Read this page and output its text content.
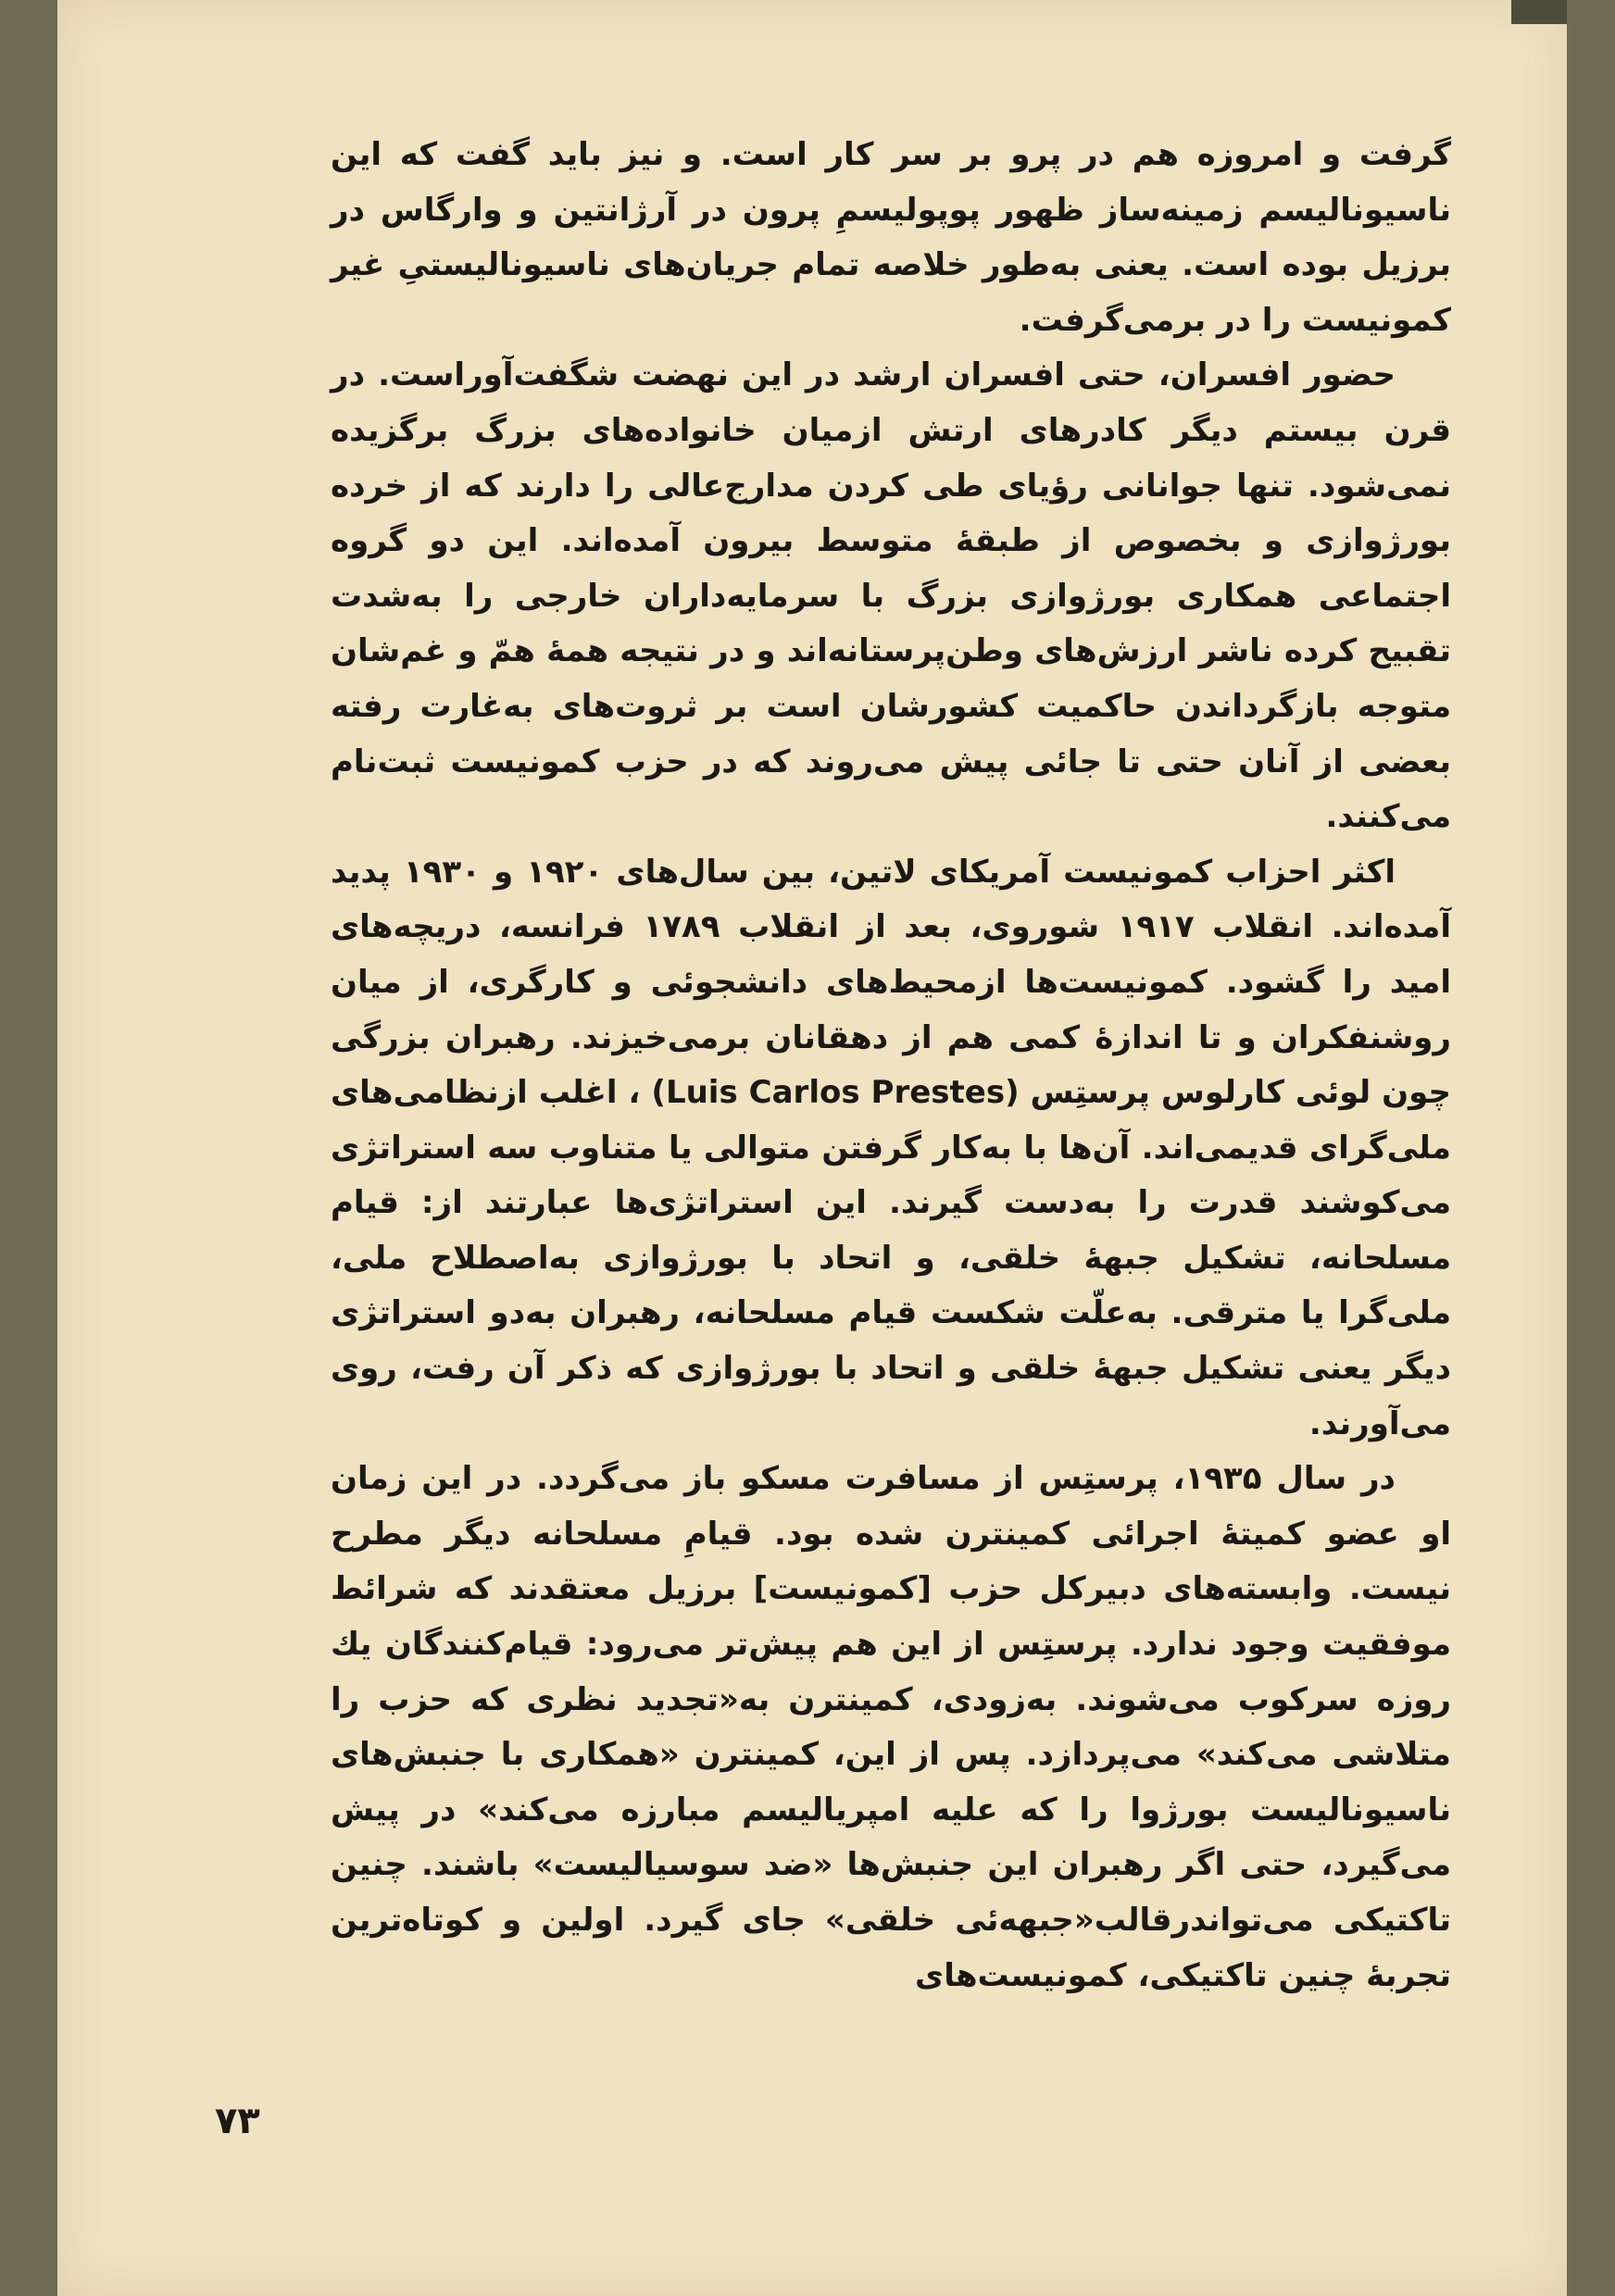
گرفت و امروزه هم در پرو بر سر کار است. و نیز باید گفت که این ناسیونالیسم زمینه‌ساز ظهور پوپولیسمِ پرون در آرژانتین و وارگاس در برزیل بوده است. یعنی به‌طور خلاصه تمام جریان‌های ناسیونالیستیِ غیر کمونیست را در برمی‌گرفت.

حضور افسران، حتی افسران ارشد در این نهضت شگفت‌آوراست. در قرن بیستم دیگر کادرهای ارتش ازمیان خانواده‌های بزرگ برگزیده نمی‌شود. تنها جوانانی رؤیای طی کردن مدارج‌عالی را دارند که از خرده بورژوازی و بخصوص از طبقهٔ متوسط بیرون آمده‌اند. این دو گروه اجتماعی همکاری بورژوازی بزرگ با سرمایه‌داران خارجی را به‌شدت تقبیح کرده ناشر ارزش‌های وطن‌پرستانه‌اند و در نتیجه همهٔ همّ و غم‌شان متوجه بازگرداندن حاکمیت کشورشان است بر ثروت‌های به‌غارت رفته بعضی از آنان حتی تا جائی پیش می‌روند که در حزب کمونیست ثبت‌نام می‌کنند.

اکثر احزاب کمونیست آمریکای لاتین، بین سال‌های ۱۹۲۰ و ۱۹۳۰ پدید آمده‌اند. انقلاب ۱۹۱۷ شوروی، بعد از انقلاب ۱۷۸۹ فرانسه، دریچه‌های امید را گشود. کمونیست‌ها ازمحیط‌های دانشجوئی و کارگری، از میان روشنفکران و تا اندازهٔ کمی هم از دهقانان برمی‌خیزند. رهبران بزرگی چون لوئی کارلوس پرستِس (Luis Carlos Prestes) ، اغلب ازنظامی‌های ملی‌گرای قدیمی‌اند. آن‌ها با به‌کار گرفتن متوالی یا متناوب سه استراتژی می‌کوشند قدرت را به‌دست گیرند. این استراتژی‌ها عبارتند از: قیام مسلحانه، تشکیل جبههٔ خلقی، و اتحاد با بورژوازی به‌اصطلاح ملی، ملی‌گرا یا مترقی. به‌علّت شکست قیام مسلحانه، رهبران به‌دو استراتژی دیگر یعنی تشکیل جبههٔ خلقی و اتحاد با بورژوازی که ذکر آن رفت، روی می‌آورند.

در سال ۱۹۳۵، پرستِس از مسافرت مسکو باز می‌گردد. در این زمان او عضو کمیتهٔ اجرائی کمینترن شده بود. قیامِ مسلحانه دیگر مطرح نیست. وابسته‌های دبیرکل حزب [کمونیست] برزیل معتقدند که شرائط موفقیت وجود ندارد. پرستِس از این هم پیش‌تر می‌رود: قیام‌کنندگان یك روزه سرکوب می‌شوند. به‌زودی، کمینترن به«تجدید نظری که حزب را متلاشی می‌کند» می‌پردازد. پس از این، کمینترن «همکاری با جنبش‌های ناسیونالیست بورژوا را که علیه امپریالیسم مبارزه می‌کند» در پیش می‌گیرد، حتی اگر رهبران این جنبش‌ها «ضد سوسیالیست» باشند. چنین تاکتیکی می‌تواندرقالب«جبهه‌ئی خلقی» جای گیرد. اولین و کوتاه‌ترین تجربهٔ چنین تاکتیکی، کمونیست‌های

۷۳
